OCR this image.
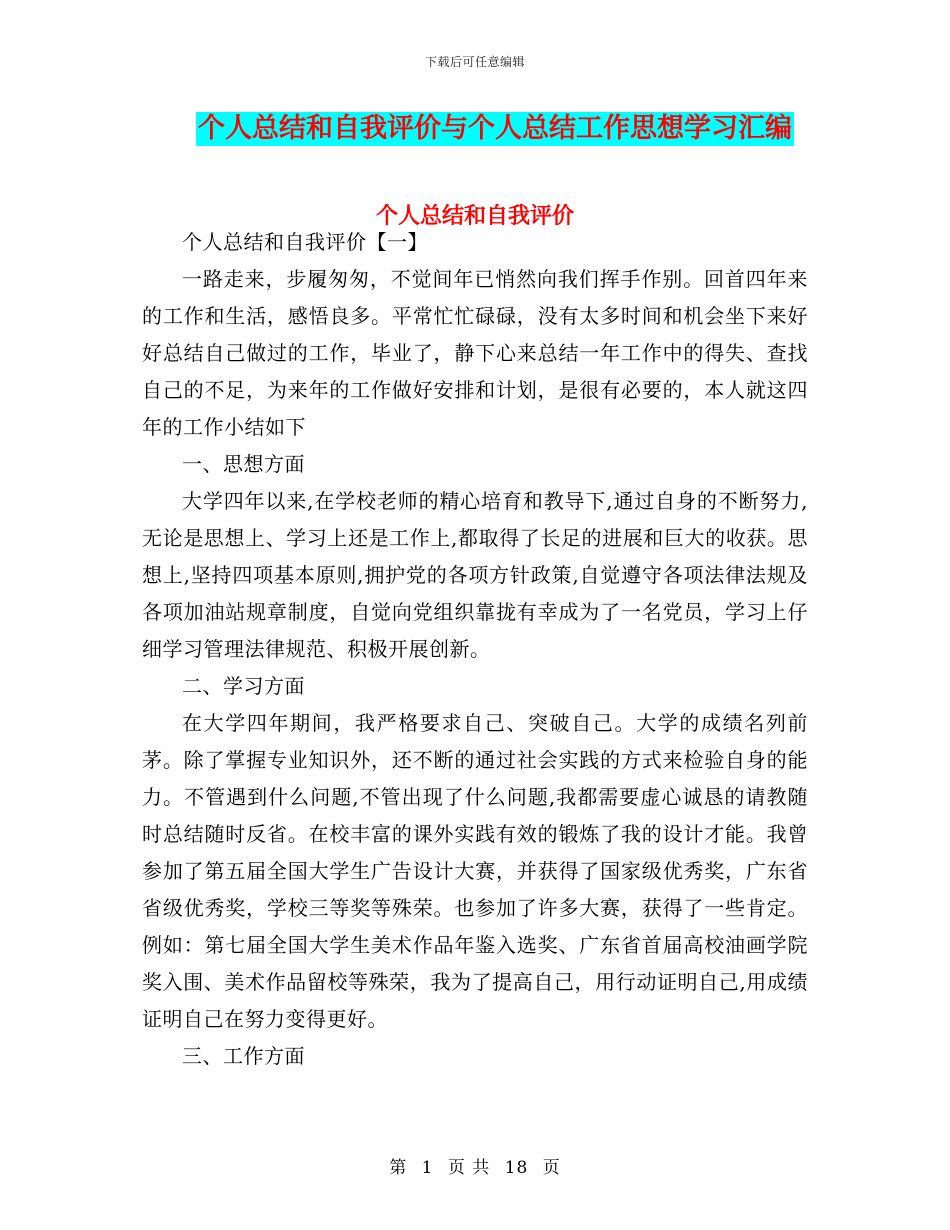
下载后可任意编辑
个人总结和自我评价与个人总结工作思想学习汇编
个人总结和自我评价

个人总结和自我评价【一】

一路走来，步履匆匆，不觉间年已悄然向我们挥手作别。回首四年来的工作和生活，感悟良多。平常忙忙碌碌，没有太多时间和机会坐下来好好总结自己做过的工作，毕业了，静下心来总结一年工作中的得失、查找自己的不足，为来年的工作做好安排和计划，是很有必要的，本人就这四年的工作小结如下

一、思想方面

大学四年以来,在学校老师的精心培育和教导下,通过自身的不断努力,无论是思想上、学习上还是工作上,都取得了长足的进展和巨大的收获。思想上,坚持四项基本原则,拥护党的各项方针政策,自觉遵守各项法律法规及各项加油站规章制度，自觉向党组织靠拢有幸成为了一名党员，学习上仔细学习管理法律规范、积极开展创新。

二、学习方面

在大学四年期间，我严格要求自己、突破自己。大学的成绩名列前茅。除了掌握专业知识外，还不断的通过社会实践的方式来检验自身的能力。不管遇到什么问题,不管出现了什么问题,我都需要虚心诚恳的请教随时总结随时反省。在校丰富的课外实践有效的锻炼了我的设计才能。我曾参加了第五届全国大学生广告设计大赛，并获得了国家级优秀奖，广东省省级优秀奖，学校三等奖等殊荣。也参加了许多大赛，获得了一些肯定。例如：第七届全国大学生美术作品年鉴入选奖、广东省首届高校油画学院奖入围、美术作品留校等殊荣，我为了提高自己，用行动证明自己,用成绩证明自己在努力变得更好。

三、工作方面

第 1 页 共 18 页
